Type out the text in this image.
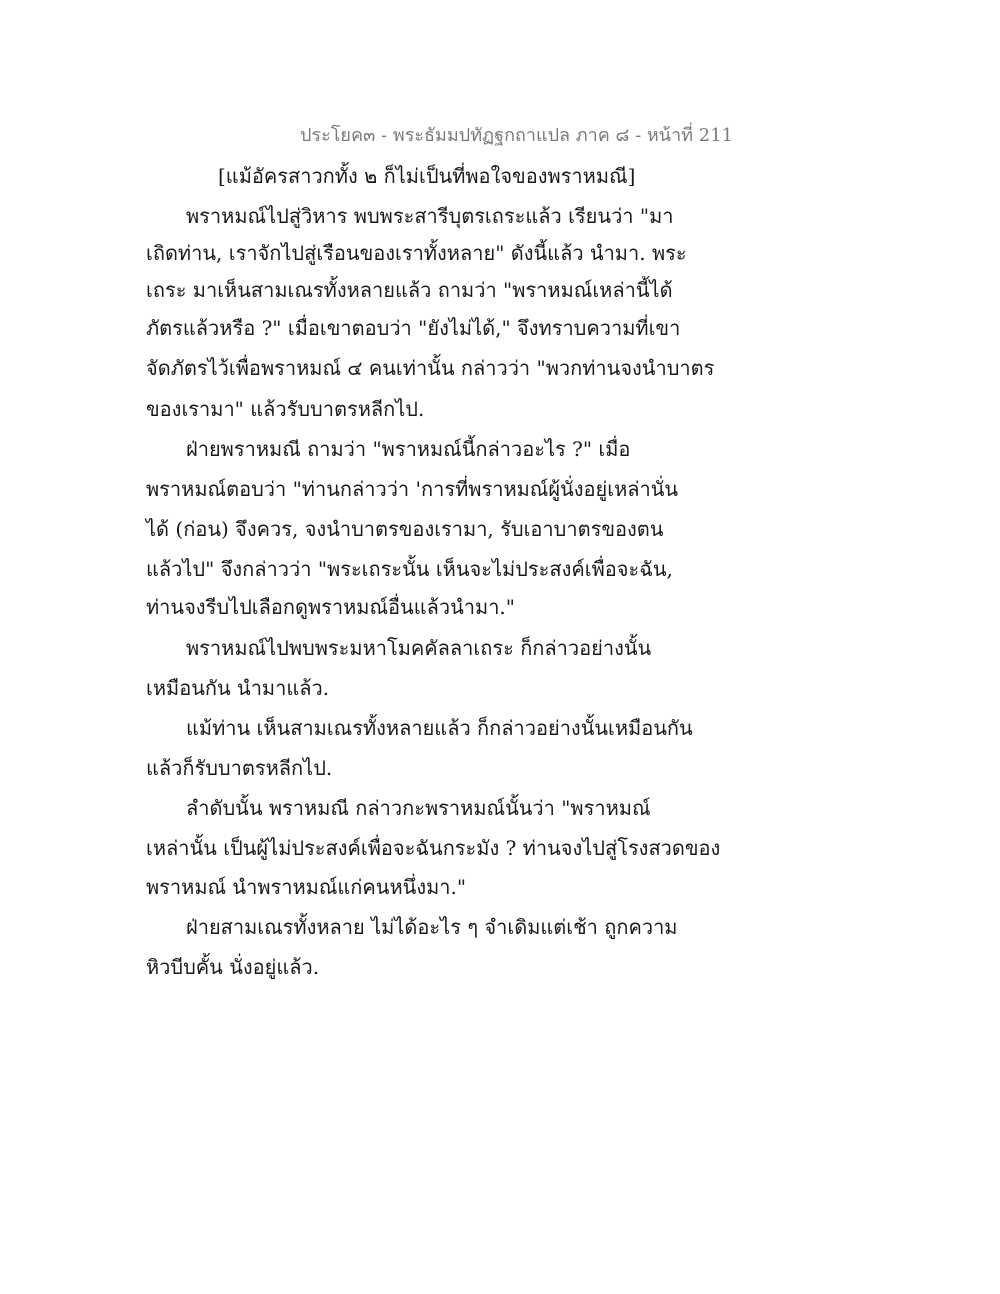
ประโยค๓ - พระธัมมปทัฏฐกถาแปล ภาค ๘ - หน้าที่ 211
[แม้อัครสาวกทั้ง ๒ ก็ไม่เป็นที่พอใจของพราหมณี]
พราหมณ์ไปสู่วิหาร พบพระสารีบุตรเถระแล้ว เรียนว่า "มา
เถิดท่าน, เราจักไปสู่เรือนของเราทั้งหลาย" ดังนี้แล้ว นำมา. พระ
เถระ มาเห็นสามเณรทั้งหลายแล้ว ถามว่า "พราหมณ์เหล่านี้ได้
ภัตรแล้วหรือ ?" เมื่อเขาตอบว่า "ยังไม่ได้," จึงทราบความที่เขา
จัดภัตรไว้เพื่อพราหมณ์ ๔ คนเท่านั้น กล่าวว่า "พวกท่านจงนำบาตร
ของเรามา" แล้วรับบาตรหลีกไป.
ฝ่ายพราหมณี ถามว่า "พราหมณ์นี้กล่าวอะไร ?" เมื่อ
พราหมณ์ตอบว่า "ท่านกล่าวว่า 'การที่พราหมณ์ผู้นั่งอยู่เหล่านั่น
ได้ (ก่อน) จึงควร, จงนำบาตรของเรามา, รับเอาบาตรของตน
แล้วไป" จึงกล่าวว่า "พระเถระนั้น เห็นจะไม่ประสงค์เพื่อจะฉัน,
ท่านจงรีบไปเลือกดูพราหมณ์อื่นแล้วนำมา."
พราหมณ์ไปพบพระมหาโมคคัลลาเถระ ก็กล่าวอย่างนั้น
เหมือนกัน นำมาแล้ว.
แม้ท่าน เห็นสามเณรทั้งหลายแล้ว ก็กล่าวอย่างนั้นเหมือนกัน
แล้วก็รับบาตรหลีกไป.
ลำดับนั้น พราหมณี กล่าวกะพราหมณ์นั้นว่า "พราหมณ์
เหล่านั้น เป็นผู้ไม่ประสงค์เพื่อจะฉันกระมัง ? ท่านจงไปสู่โรงสวดของ
พราหมณ์ นำพราหมณ์แก่คนหนึ่งมา."
ฝ่ายสามเณรทั้งหลาย ไม่ได้อะไร ๆ จำเดิมแต่เช้า ถูกความ
หิวบีบคั้น นั่งอยู่แล้ว.
